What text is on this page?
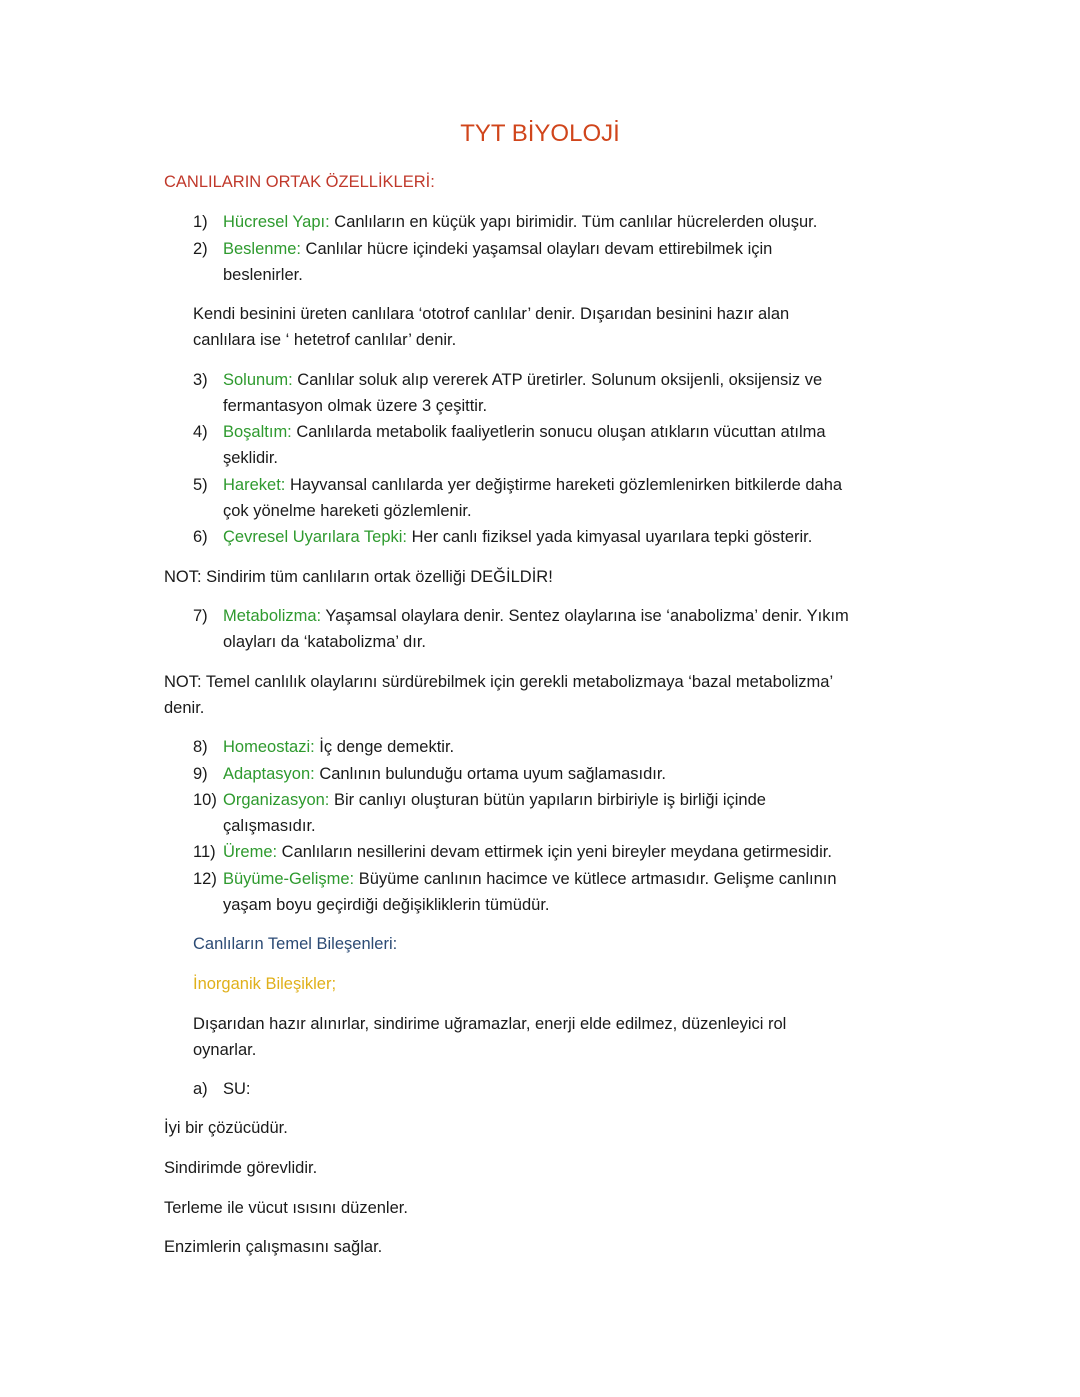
TYT BİYOLOJİ
CANLILARIN ORTAK ÖZELLİKLERİ:
1) Hücresel Yapı: Canlıların en küçük yapı birimidir. Tüm canlılar hücrelerden oluşur.
2) Beslenme: Canlılar hücre içindeki yaşamsal olayları devam ettirebilmek için
beslenirler.
Kendi besinini üreten canlılara ‘ototrof canlılar’ denir. Dışarıdan besinini hazır alan
canlılara ise ‘ hetetrof canlılar’ denir.
3) Solunum: Canlılar soluk alıp vererek ATP üretirler. Solunum oksijenli, oksijensiz ve
fermantasyon olmak üzere 3 çeşittir.
4) Boşaltım: Canlılarda metabolik faaliyetlerin sonucu oluşan atıkların vücuttan atılma
şeklidir.
5) Hareket: Hayvansal canlılarda yer değiştirme hareketi gözlemlenirken bitkilerde daha
çok yönelme hareketi gözlemlenir.
6) Çevresel Uyarılara Tepki: Her canlı fiziksel yada kimyasal uyarılara tepki gösterir.
NOT: Sindirim tüm canlıların ortak özelliği DEĞİLDİR!
7) Metabolizma: Yaşamsal olaylara denir. Sentez olaylarına ise ‘anabolizma’ denir. Yıkım
olayları da ‘katabolizma’ dır.
NOT: Temel canlılık olaylarını sürdürebilmek için gerekli metabolizmaya ‘bazal metabolizma’
denir.
8) Homeostazi: İç denge demektir.
9) Adaptasyon: Canlının bulunduğu ortama uyum sağlamasıdır.
10) Organizasyon: Bir canlıyı oluşturan bütün yapıların birbiriyle iş birliği içinde
çalışmasıdır.
11) Üreme: Canlıların nesillerini devam ettirmek için yeni bireyler meydana getirmesidir.
12) Büyüme-Gelişme: Büyüme canlının hacimce ve kütlece artmasıdır. Gelişme canlının
yaşam boyu geçirdiği değişikliklerin tümüdür.
Canlıların Temel Bileşenleri:
İnorganik Bileşikler;
Dışarıdan hazır alınırlar, sindirime uğramazlar, enerji elde edilmez, düzenleyici rol
oynarlar.
a) SU:
İyi bir çözücüdür.
Sindirimde görevlidir.
Terleme ile vücut ısısını düzenler.
Enzimlerin çalışmasını sağlar.
